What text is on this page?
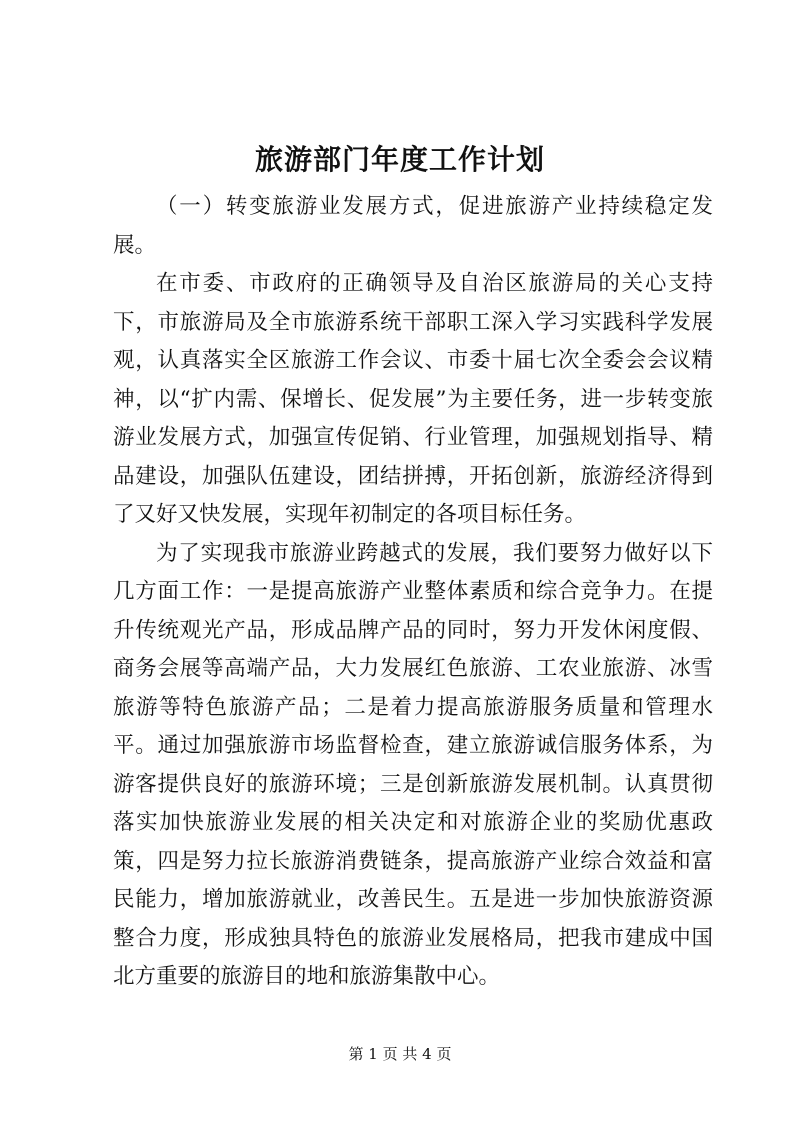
旅游部门年度工作计划

（一）转变旅游业发展方式，促进旅游产业持续稳定发展。

在市委、市政府的正确领导及自治区旅游局的关心支持下，市旅游局及全市旅游系统干部职工深入学习实践科学发展观，认真落实全区旅游工作会议、市委十届七次全委会会议精神，以“扩内需、保增长、促发展”为主要任务，进一步转变旅游业发展方式，加强宣传促销、行业管理，加强规划指导、精品建设，加强队伍建设，团结拼搏，开拓创新，旅游经济得到了又好又快发展，实现年初制定的各项目标任务。

为了实现我市旅游业跨越式的发展，我们要努力做好以下几方面工作：一是提高旅游产业整体素质和综合竞争力。在提升传统观光产品，形成品牌产品的同时，努力开发休闲度假、商务会展等高端产品，大力发展红色旅游、工农业旅游、冰雪旅游等特色旅游产品；二是着力提高旅游服务质量和管理水平。通过加强旅游市场监督检查，建立旅游诚信服务体系，为游客提供良好的旅游环境；三是创新旅游发展机制。认真贯彻落实加快旅游业发展的相关决定和对旅游企业的奖励优惠政策，四是努力拉长旅游消费链条，提高旅游产业综合效益和富民能力，增加旅游就业，改善民生。五是进一步加快旅游资源整合力度，形成独具特色的旅游业发展格局，把我市建成中国北方重要的旅游目的地和旅游集散中心。

第 1 页 共 4 页
